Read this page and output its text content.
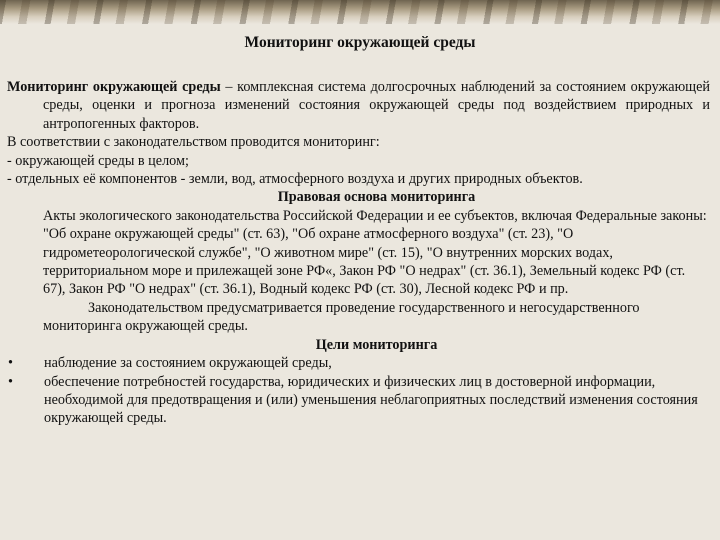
Мониторинг окружающей среды

Мониторинг окружающей среды – комплексная система долгосрочных наблюдений за состоянием окружающей среды, оценки и прогноза изменений состояния окружающей среды под воздействием природных и антропогенных факторов.

В соответствии с законодательством проводится мониторинг:

- окружающей среды в целом;

- отдельных её компонентов - земли, вод, атмосферного воздуха и других природных объектов.

Правовая основа мониторинга

Акты экологического законодательства Российской Федерации и ее субъектов, включая Федеральные законы: "Об охране окружающей среды" (ст. 63), "Об охране атмосферного воздуха" (ст. 23), "О гидрометеорологической службе", "О животном мире" (ст. 15), "О внутренних морских водах, территориальном море и прилежащей зоне РФ«, Закон РФ "О недрах" (ст. 36.1), Земельный кодекс РФ (ст. 67), Закон РФ "О недрах" (ст. 36.1), Водный кодекс РФ (ст. 30), Лесной кодекс РФ и пр.

Законодательством предусматривается проведение государственного и негосударственного мониторинга окружающей среды.

Цели мониторинга

•	наблюдение за состоянием окружающей среды,
•	обеспечение потребностей государства, юридических и физических лиц в достоверной информации, необходимой для предотвращения и (или) уменьшения неблагоприятных последствий изменения состояния окружающей среды.
